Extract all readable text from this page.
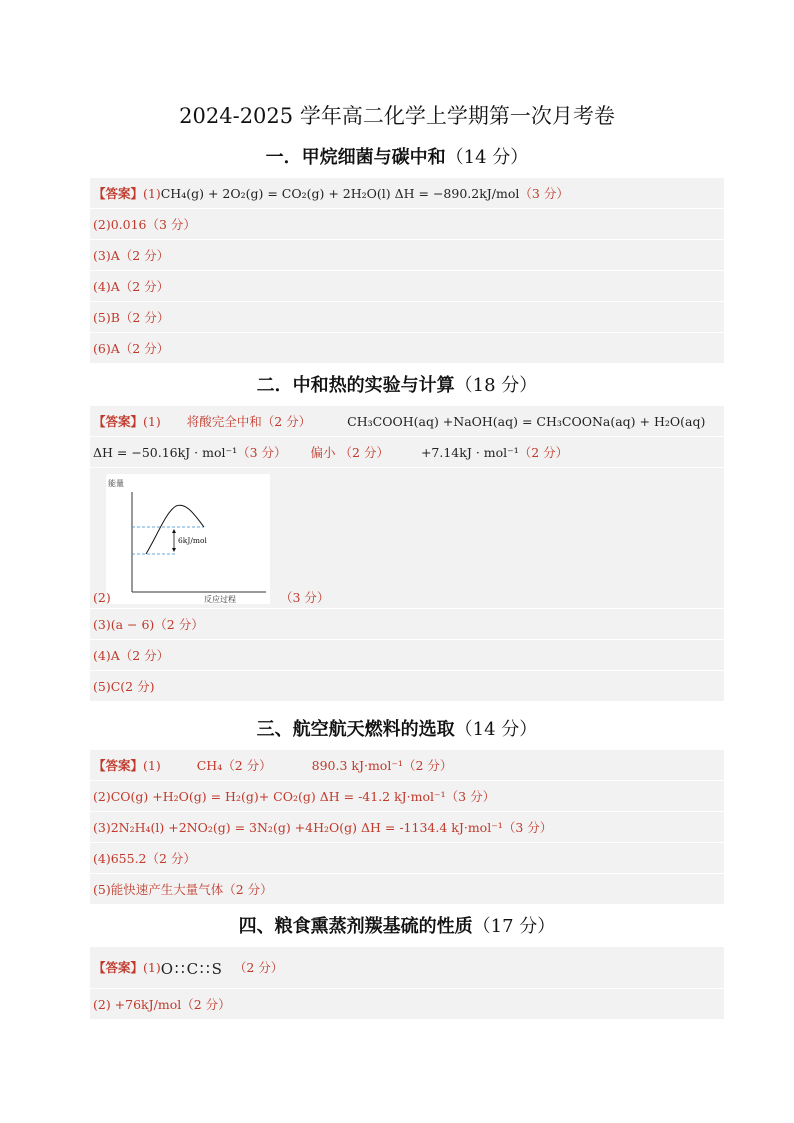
2024-2025 学年高二化学上学期第一次月考卷
一．甲烷细菌与碳中和（14 分）
【答案】(1)CH₄(g) + 2O₂(g) = CO₂(g) + 2H₂O(l) ΔH = −890.2kJ/mol（3 分）
(2)0.016（3 分）
(3)A（2 分）
(4)A（2 分）
(5)B（2 分）
(6)A（2 分）
二．中和热的实验与计算（18 分）
【答案】(1) 将酸完全中和（2 分）	CH₃COOH(aq) +NaOH(aq) = CH₃COONa(aq) + H₂O(aq)
ΔH = −50.16kJ · mol⁻¹（3 分） 偏小 （2 分）	+7.14kJ · mol⁻¹（2 分）
能量
反应过程
6kJ/mol
(2)	（3 分）
(3)(a − 6)（2 分）
(4)A（2 分）
(5)C(2 分)
三、航空航天燃料的选取（14 分）
【答案】(1)	CH₄（2 分）	890.3 kJ·mol⁻¹（2 分）
(2)CO(g) +H₂O(g) = H₂(g)+ CO₂(g) ΔH = -41.2 kJ·mol⁻¹（3 分）
(3)2N₂H₄(l) +2NO₂(g) = 3N₂(g) +4H₂O(g) ΔH = -1134.4 kJ·mol⁻¹（3 分）
(4)655.2（2 分）
(5)能快速产生大量气体（2 分）
四、粮食熏蒸剂羰基硫的性质（17 分）
【答案】(1)O∷C∷S （2 分）
(2) +76kJ/mol（2 分）
